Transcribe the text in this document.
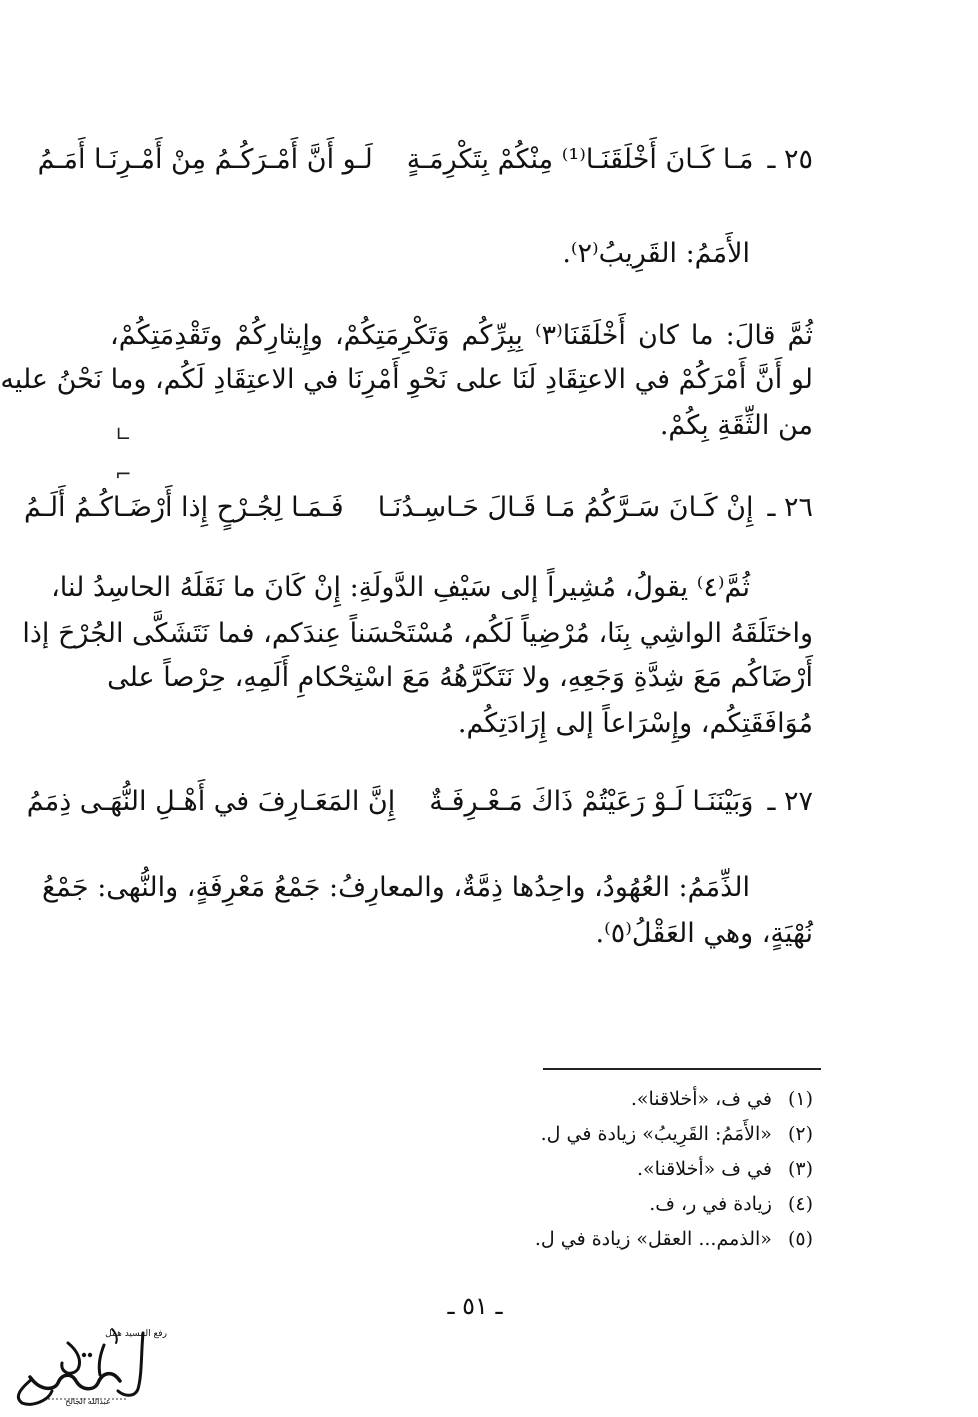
٢٥ ـ
مَـا كَـانَ أَخْلَقَنَـا⁽¹⁾ مِنْكُمْ بِتَكْرِمَـةٍ
لَـو أَنَّ أَمْـرَكُـمُ مِنْ أَمْـرِنَـا أَمَـمُ
الأَمَمُ: القَرِيبُ⁽٢⁾.
ثُمَّ قالَ: ما كان أَخْلَقَنَا⁽٣⁾ بِبِرِّكُم وَتَكْرِمَتِكُمْ، وإِيثارِكُمْ وتَقْدِمَتِكُمْ،
لو أَنَّ أَمْرَكُمْ في الاعتِقَادِ لَنَا على نَحْوِ أَمْرِنَا في الاعتِقَادِ لَكُم، وما نَحْنُ عليه
من الثِّقَةِ بِكُمْ.
∟
⌐
٢٦ ـ
إِنْ كَـانَ سَـرَّكُمُ مَـا قَـالَ حَـاسِـدُنَـا
فَـمَـا لِجُـرْحٍ إِذا أَرْضَـاكُـمُ أَلَـمُ
ثُمَّ⁽٤⁾ يقولُ، مُشِيراً إلى سَيْفِ الدَّولَةِ: إِنْ كَانَ ما نَقَلَهُ الحاسِدُ لنا،
واختَلَقَهُ الواشِي بِنَا، مُرْضِياً لَكُم، مُسْتَحْسَناً عِندَكم، فما نَتَشَكَّى الجُرْحَ إذا
أَرْضَاكُم مَعَ شِدَّةِ وَجَعِهِ، ولا نَتَكَرَّهُهُ مَعَ اسْتِحْكامِ أَلَمِهِ، حِرْصاً على
مُوَافَقَتِكُم، وإِسْرَاعاً إلى إِرَادَتِكُم.
٢٧ ـ
وَبَيْنَنَـا لَـوْ رَعَيْتُمْ ذَاكَ مَـعْـرِفَـةٌ
إِنَّ المَعَـارِفَ في أَهْـلِ النُّهَـى ذِمَمُ
الذِّمَمُ: العُهُودُ، واحِدُها ذِمَّةٌ، والمعارِفُ: جَمْعُ مَعْرِفَةٍ، والنُّهى: جَمْعُ
نُهْيَةٍ، وهي العَقْلُ⁽٥⁾.
(١)في ف، «أخلاقنا».
(٢)«الأَمَمُ: القَرِيبُ» زيادة في ل.
(٣)في ف «أخلاقنا».
(٤)زيادة في ر، ف.
(٥)«الذمم... العقل» زيادة في ل.
ـ ٥١ ـ
رفع المسيد همل
عبدالله الجالح
